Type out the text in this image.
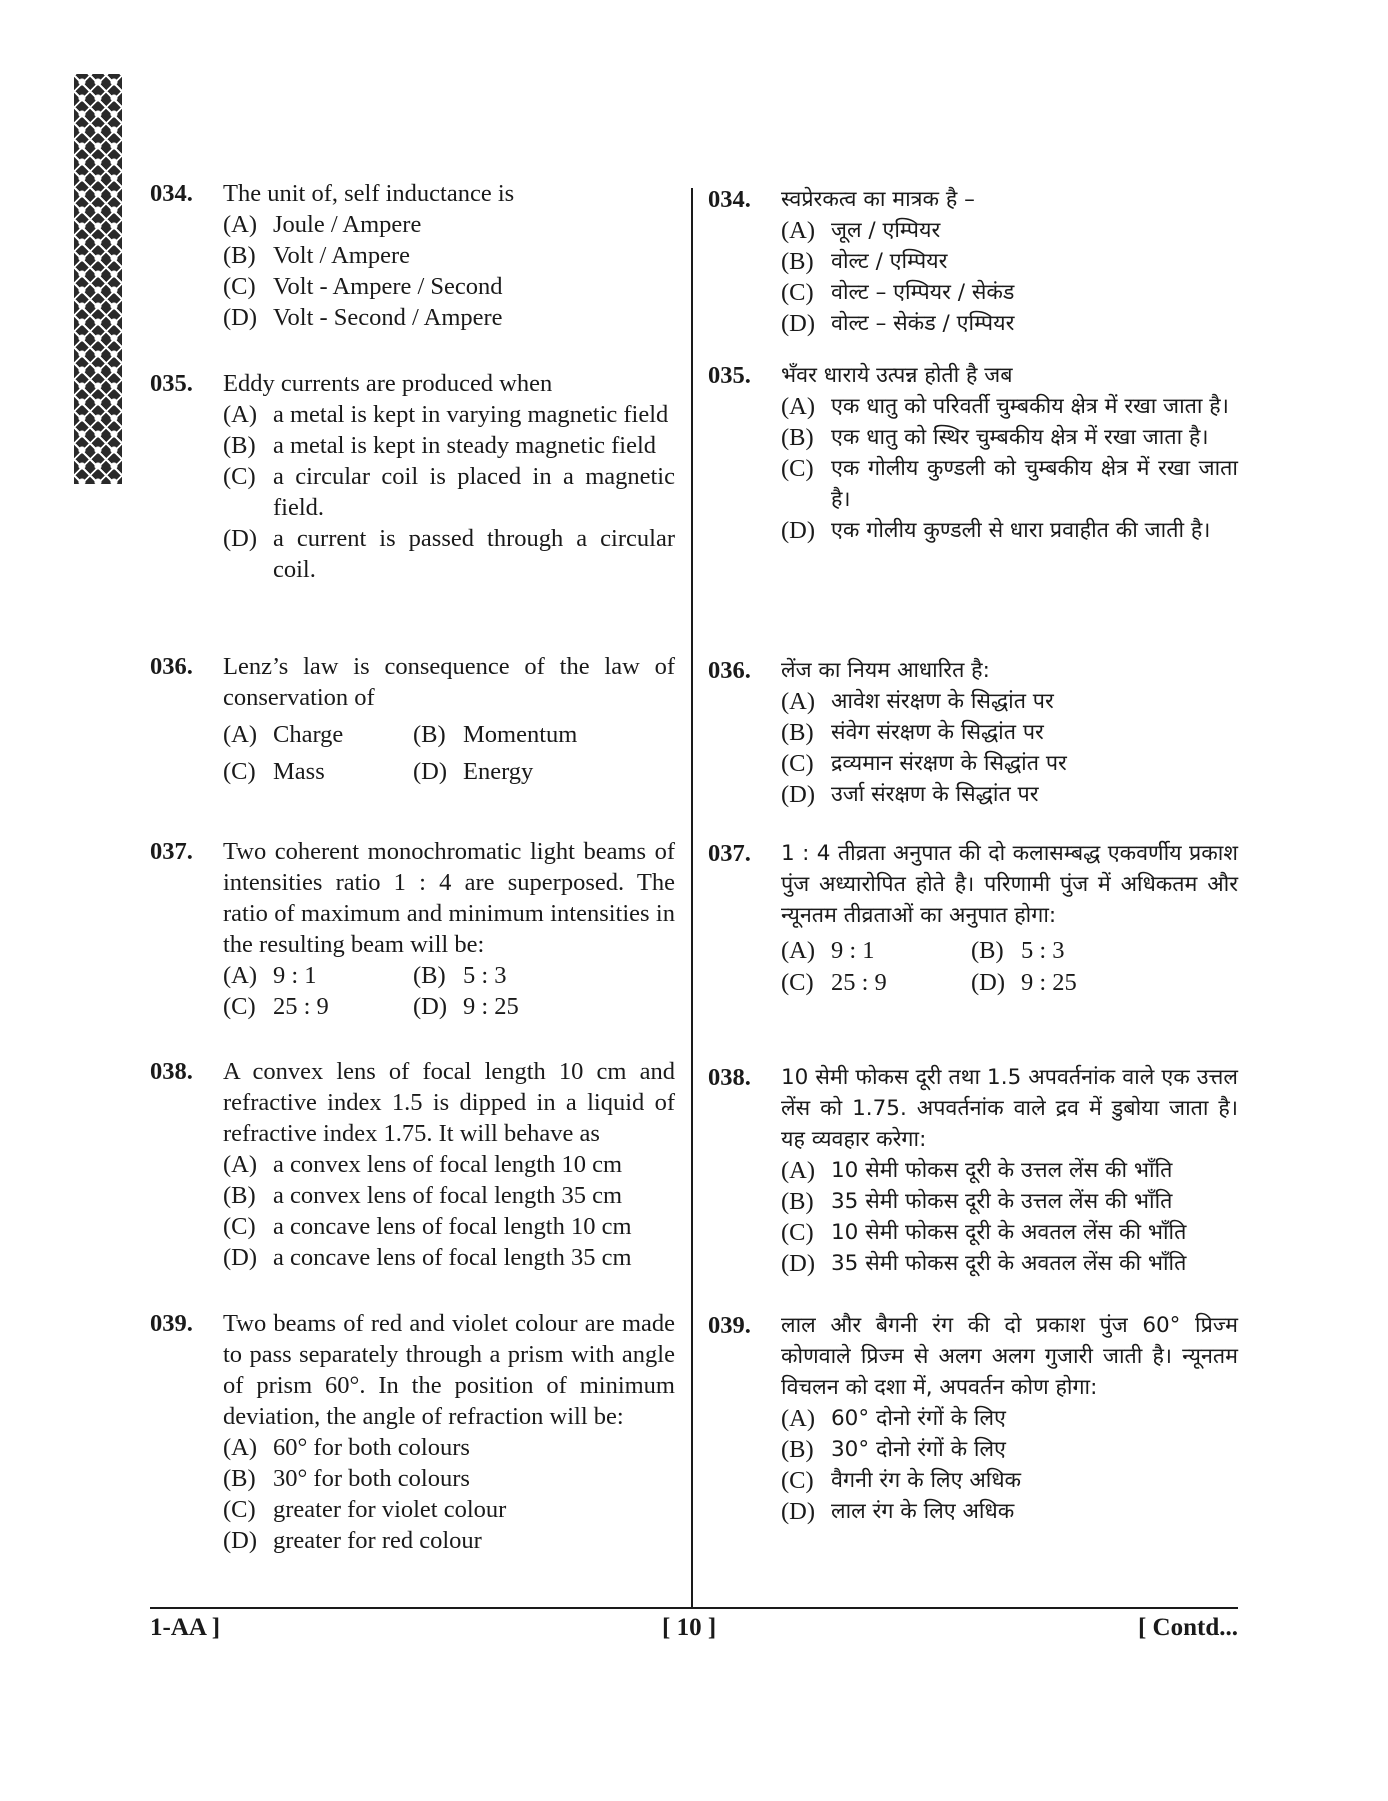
034. The unit of, self inductance is
(A) Joule / Ampere
(B) Volt / Ampere
(C) Volt - Ampere / Second
(D) Volt - Second / Ampere
035. Eddy currents are produced when
(A) a metal is kept in varying magnetic field
(B) a metal is kept in steady magnetic field
(C) a circular coil is placed in a magnetic field.
(D) a current is passed through a circular coil.
036. Lenz’s law is consequence of the law of conservation of
(A) Charge	(B) Momentum
(C) Mass	(D) Energy
037. Two coherent monochromatic light beams of intensities ratio 1 : 4 are superposed. The ratio of maximum and minimum intensities in the resulting beam will be:
(A) 9 : 1	(B) 5 : 3
(C) 25 : 9	(D) 9 : 25
038. A convex lens of focal length 10 cm and refractive index 1.5 is dipped in a liquid of refractive index 1.75. It will behave as
(A) a convex lens of focal length 10 cm
(B) a convex lens of focal length 35 cm
(C) a concave lens of focal length 10 cm
(D) a concave lens of focal length 35 cm
039. Two beams of red and violet colour are made to pass separately through a prism with angle of prism 60°. In the position of minimum deviation, the angle of refraction will be:
(A) 60° for both colours
(B) 30° for both colours
(C) greater for violet colour
(D) greater for red colour
034. स्वप्रेरकत्व का मात्रक है –
(A) जूल / एम्पियर
(B) वोल्ट / एम्पियर
(C) वोल्ट – एम्पियर / सेकंड
(D) वोल्ट – सेकंड / एम्पियर
035. भँवर धाराये उत्पन्न होती है जब
(A) एक धातु को परिवर्ती चुम्बकीय क्षेत्र में रखा जाता है।
(B) एक धातु को स्थिर चुम्बकीय क्षेत्र में रखा जाता है।
(C) एक गोलीय कुण्डली को चुम्बकीय क्षेत्र में रखा जाता है।
(D) एक गोलीय कुण्डली से धारा प्रवाहीत की जाती है।
036. लेंज का नियम आधारित है:
(A) आवेश संरक्षण के सिद्धांत पर
(B) संवेग संरक्षण के सिद्धांत पर
(C) द्रव्यमान संरक्षण के सिद्धांत पर
(D) उर्जा संरक्षण के सिद्धांत पर
037. 1 : 4 तीव्रता अनुपात की दो कलासम्बद्ध एकवर्णीय प्रकाश पुंज अध्यारोपित होते है। परिणामी पुंज में अधिकतम और न्यूनतम तीव्रताओं का अनुपात होगा:
(A) 9 : 1	(B) 5 : 3
(C) 25 : 9	(D) 9 : 25
038. 10 सेमी फोकस दूरी तथा 1.5 अपवर्तनांक वाले एक उत्तल लेंस को 1.75. अपवर्तनांक वाले द्रव में डुबोया जाता है। यह व्यवहार करेगा:
(A) 10 सेमी फोकस दूरी के उत्तल लेंस की भाँति
(B) 35 सेमी फोकस दूरी के उत्तल लेंस की भाँति
(C) 10 सेमी फोकस दूरी के अवतल लेंस की भाँति
(D) 35 सेमी फोकस दूरी के अवतल लेंस की भाँति
039. लाल और बैगनी रंग की दो प्रकाश पुंज 60° प्रिज्म कोणवाले प्रिज्म से अलग अलग गुजारी जाती है। न्यूनतम विचलन को दशा में, अपवर्तन कोण होगा:
(A) 60° दोनो रंगों के लिए
(B) 30° दोनो रंगों के लिए
(C) वैगनी रंग के लिए अधिक
(D) लाल रंग के लिए अधिक
1-AA ]	[ 10 ]	[ Contd...
